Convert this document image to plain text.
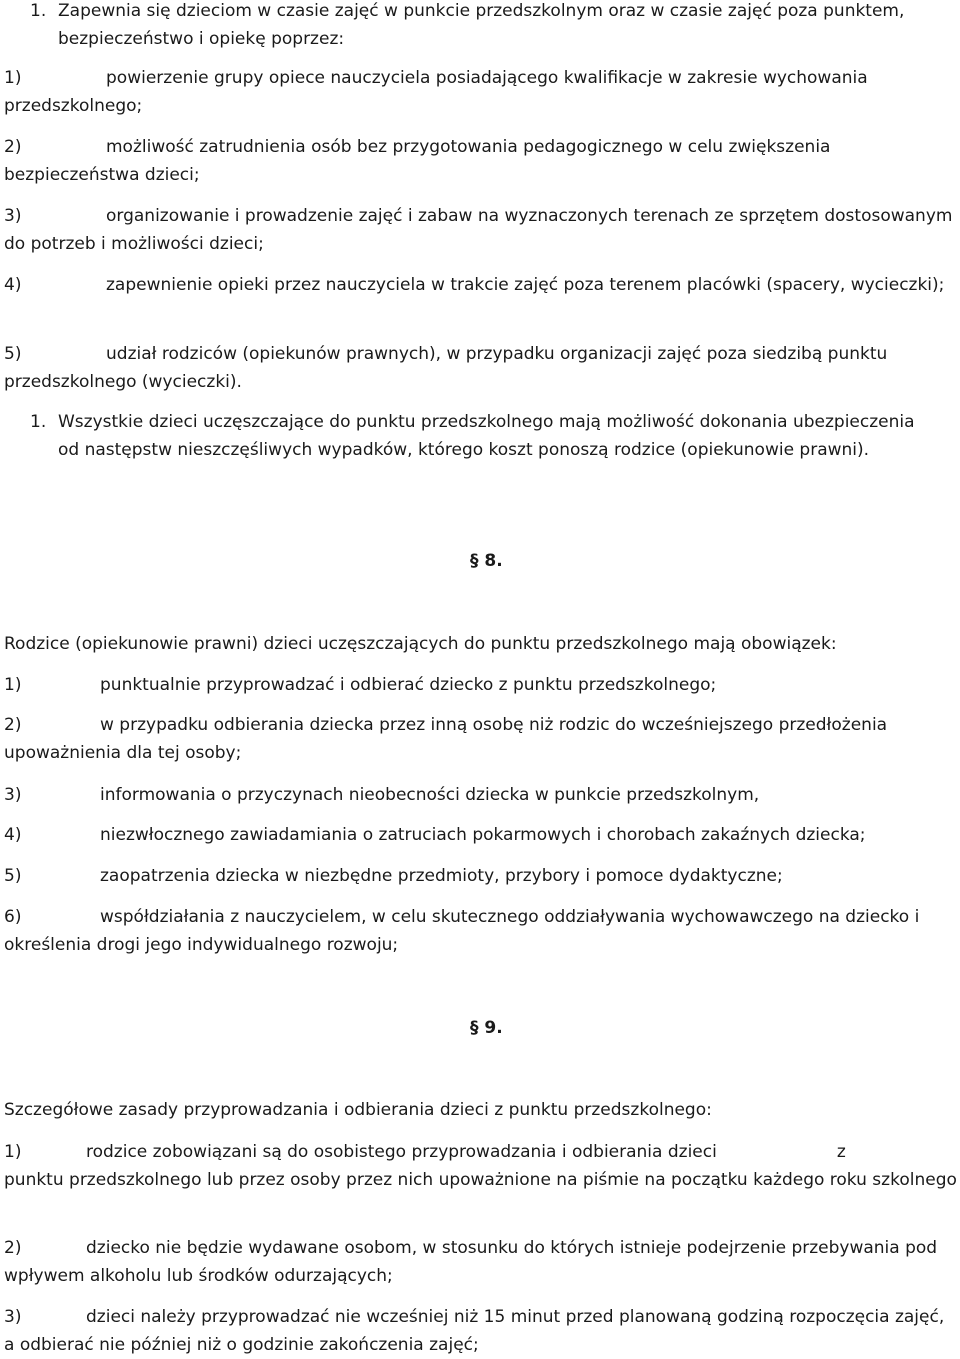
1. Zapewnia się dzieciom w czasie zajęć w punkcie przedszkolnym oraz w czasie zajęć poza punktem, bezpieczeństwo i opiekę poprzez:

1)	powierzenie grupy opiece nauczyciela posiadającego kwalifikacje w zakresie wychowania przedszkolnego;

2)	możliwość zatrudnienia osób bez przygotowania pedagogicznego w celu zwiększenia bezpieczeństwa dzieci;

3)	organizowanie i prowadzenie zajęć i zabaw na wyznaczonych terenach ze sprzętem dostosowanym do potrzeb i możliwości dzieci;

4)	zapewnienie opieki przez nauczyciela w trakcie zajęć poza terenem placówki (spacery, wycieczki);

5)	udział rodziców (opiekunów prawnych), w przypadku organizacji zajęć poza siedzibą punktu przedszkolnego (wycieczki).

1. Wszystkie dzieci uczęszczające do punktu przedszkolnego mają możliwość dokonania ubezpieczenia od następstw nieszczęśliwych wypadków, którego koszt ponoszą rodzice (opiekunowie prawni).
§ 8.

Rodzice (opiekunowie prawni) dzieci uczęszczających do punktu przedszkolnego mają obowiązek:

1)	punktualnie przyprowadzać i odbierać dziecko z punktu przedszkolnego;

2)	w przypadku odbierania dziecka przez inną osobę niż rodzic do wcześniejszego przedłożenia upoważnienia dla tej osoby;

3)	informowania o przyczynach nieobecności dziecka w punkcie przedszkolnym,

4)	niezwłocznego zawiadamiania o zatruciach pokarmowych i chorobach zakaźnych dziecka;

5)	zaopatrzenia dziecka w niezbędne przedmioty, przybory i pomoce dydaktyczne;

6)	współdziałania z nauczycielem, w celu skutecznego oddziaływania wychowawczego na dziecko i określenia drogi jego indywidualnego rozwoju;

§ 9.

Szczegółowe zasady przyprowadzania i odbierania dzieci z punktu przedszkolnego:

1)	rodzice zobowiązani są do osobistego przyprowadzania i odbierania dzieci	z
punktu przedszkolnego lub przez osoby przez nich upoważnione na piśmie na początku każdego roku szkolnego

2)	dziecko nie będzie wydawane osobom, w stosunku do których istnieje podejrzenie przebywania pod wpływem alkoholu lub środków odurzających;

3)	dzieci należy przyprowadzać nie wcześniej niż 15 minut przed planowaną godziną rozpoczęcia zajęć, a odbierać nie później niż o godzinie zakończenia zajęć;
